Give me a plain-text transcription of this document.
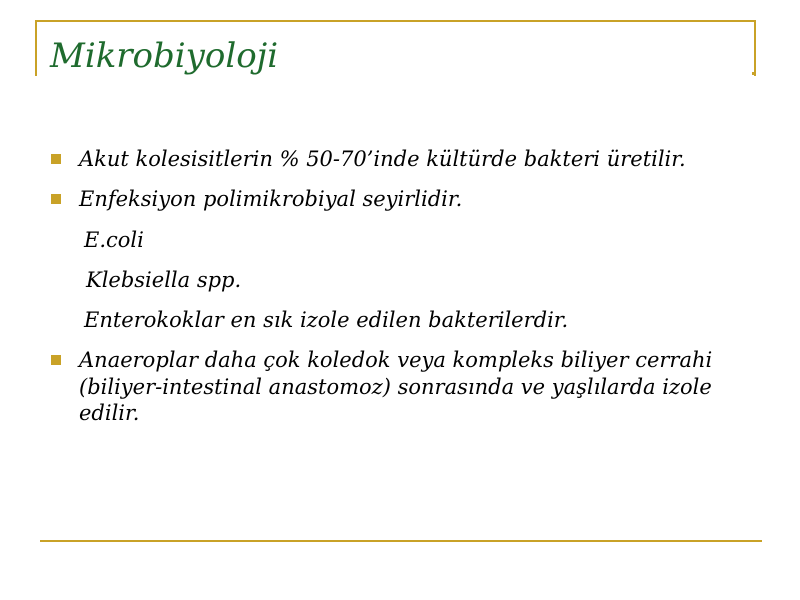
Mikrobiyoloji
Akut kolesisitlerin % 50-70’inde kültürde bakteri üretilir.
Enfeksiyon polimikrobiyal seyirlidir.
E.coli
Klebsiella spp.
Enterokoklar en sık izole edilen bakterilerdir.
Anaeroplar daha çok koledok veya kompleks biliyer cerrahi (biliyer-intestinal anastomoz) sonrasında ve yaşlılarda izole edilir.
